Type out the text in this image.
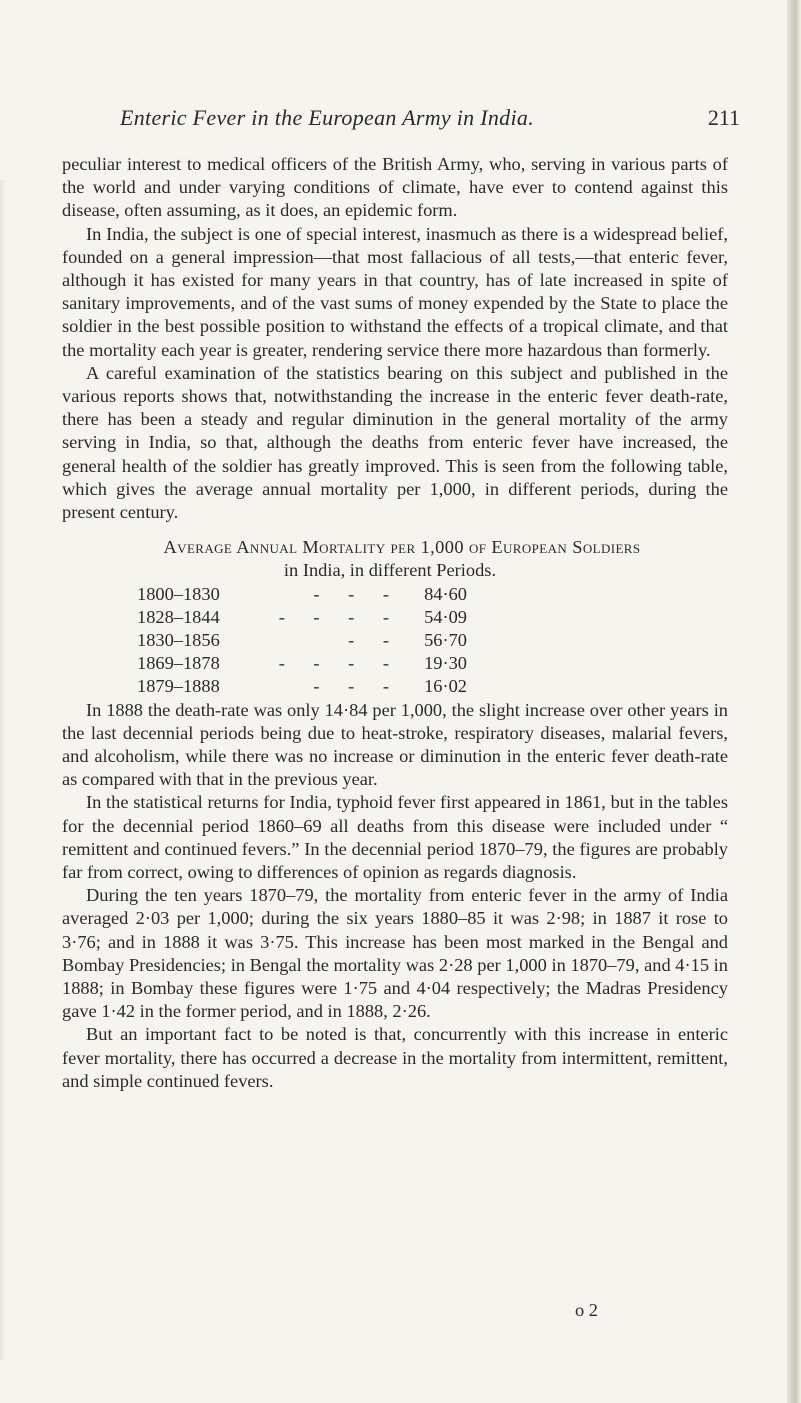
Enteric Fever in the European Army in India.	211

peculiar interest to medical officers of the British Army, who, serving in various parts of the world and under varying conditions of climate, have ever to contend against this disease, often assuming, as it does, an epidemic form.

In India, the subject is one of special interest, inasmuch as there is a widespread belief, founded on a general impression—that most fallacious of all tests,—that enteric fever, although it has existed for many years in that country, has of late increased in spite of sanitary improvements, and of the vast sums of money expended by the State to place the soldier in the best possible position to withstand the effects of a tropical climate, and that the mortality each year is greater, rendering service there more hazardous than formerly.

A careful examination of the statistics bearing on this subject and published in the various reports shows that, notwithstanding the increase in the enteric fever death-rate, there has been a steady and regular diminution in the general mortality of the army serving in India, so that, although the deaths from enteric fever have increased, the general health of the soldier has greatly improved. This is seen from the following table, which gives the average annual mortality per 1,000, in different periods, during the present century.

Average Annual Mortality per 1,000 of European Soldiers
in India, in different Periods.
1800–1830	- - -	84·60
1828–1844	- - - -	54·09
1830–1856	- -	56·70
1869–1878	- - - -	19·30
1879–1888	- - -	16·02

In 1888 the death-rate was only 14·84 per 1,000, the slight increase over other years in the last decennial periods being due to heat-stroke, respiratory diseases, malarial fevers, and alcoholism, while there was no increase or diminution in the enteric fever death-rate as compared with that in the previous year.

In the statistical returns for India, typhoid fever first appeared in 1861, but in the tables for the decennial period 1860–69 all deaths from this disease were included under “ remittent and continued fevers.” In the decennial period 1870–79, the figures are probably far from correct, owing to differences of opinion as regards diagnosis.

During the ten years 1870–79, the mortality from enteric fever in the army of India averaged 2·03 per 1,000; during the six years 1880–85 it was 2·98; in 1887 it rose to 3·76; and in 1888 it was 3·75. This increase has been most marked in the Bengal and Bombay Presidencies; in Bengal the mortality was 2·28 per 1,000 in 1870–79, and 4·15 in 1888; in Bombay these figures were 1·75 and 4·04 respectively; the Madras Presidency gave 1·42 in the former period, and in 1888, 2·26.

But an important fact to be noted is that, concurrently with this increase in enteric fever mortality, there has occurred a decrease in the mortality from intermittent, remittent, and simple continued fevers.

o 2
